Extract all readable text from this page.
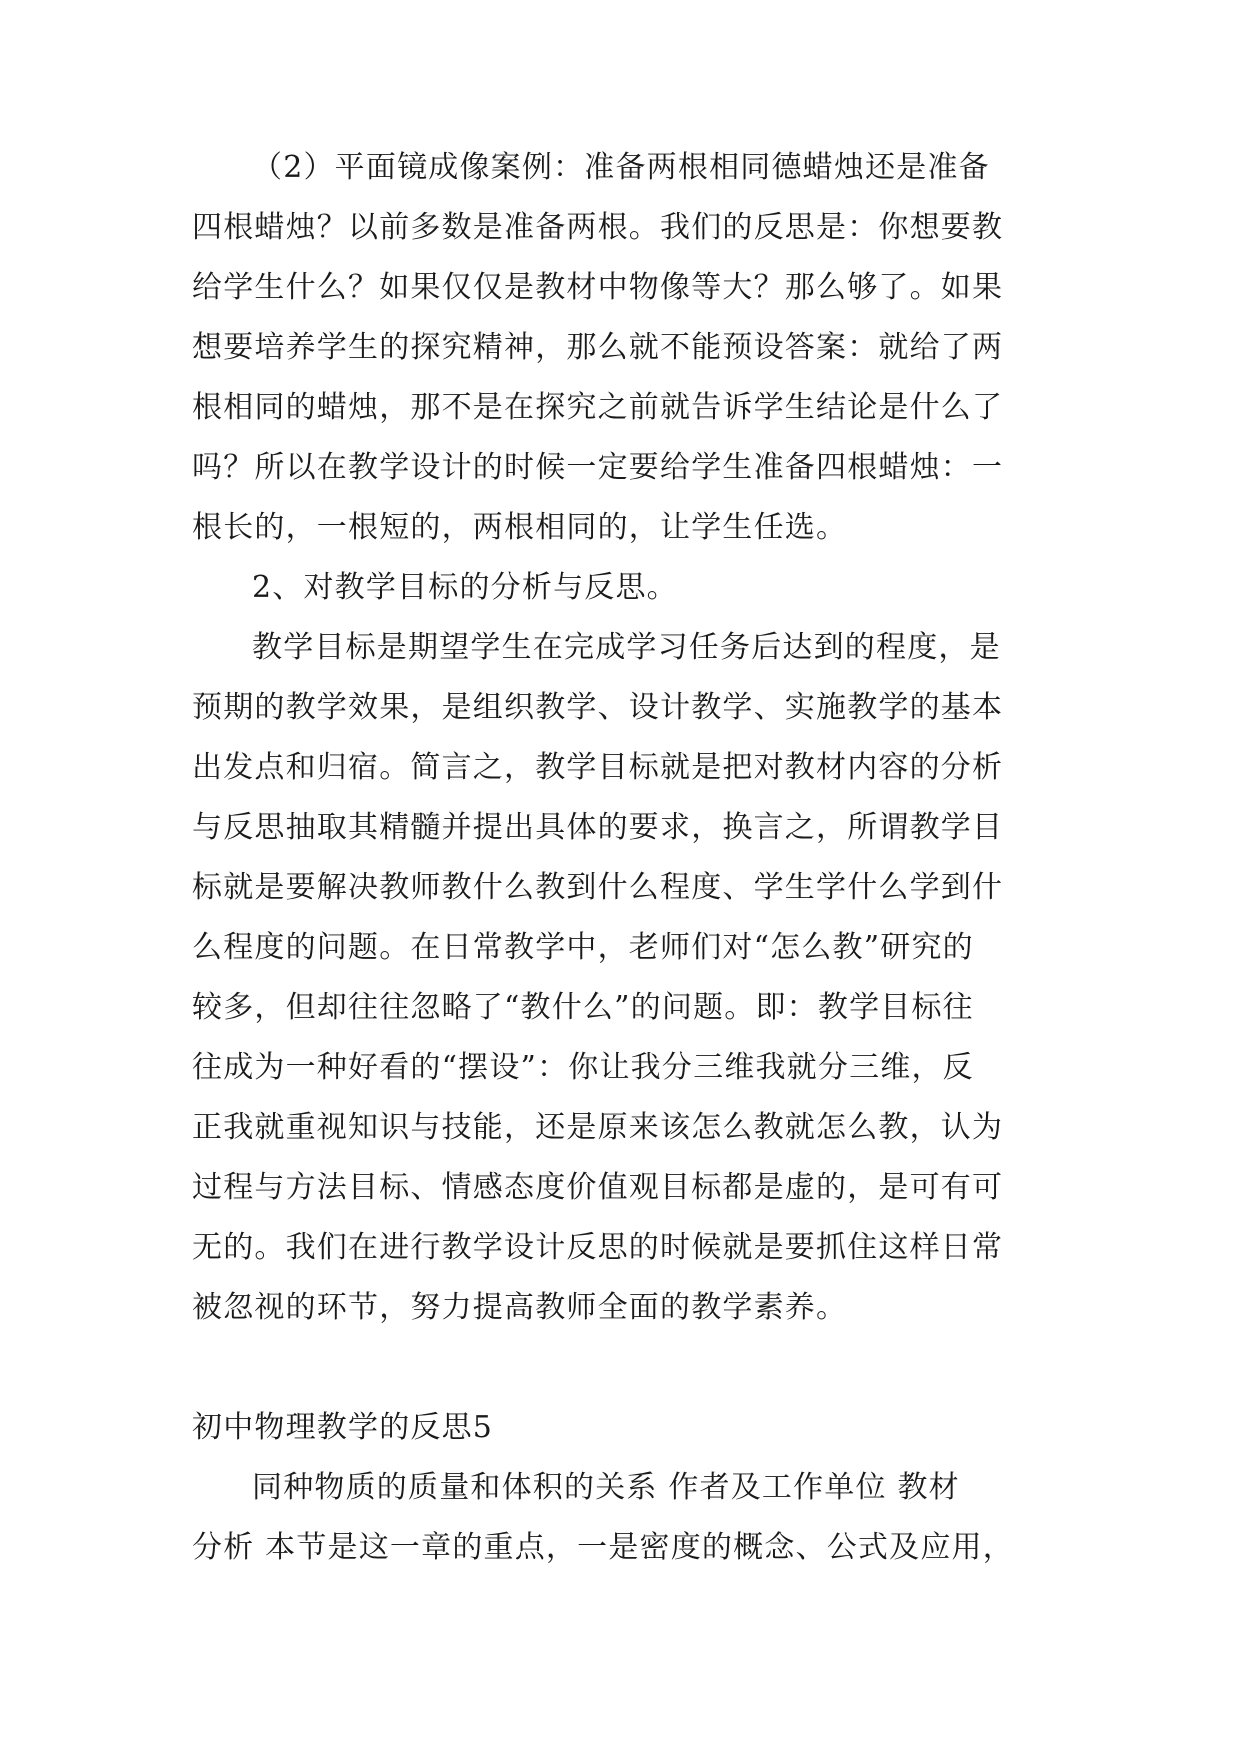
（2）平面镜成像案例：准备两根相同德蜡烛还是准备
四根蜡烛？以前多数是准备两根。我们的反思是：你想要教
给学生什么？如果仅仅是教材中物像等大？那么够了。如果
想要培养学生的探究精神，那么就不能预设答案：就给了两
根相同的蜡烛，那不是在探究之前就告诉学生结论是什么了
吗？所以在教学设计的时候一定要给学生准备四根蜡烛：一
根长的，一根短的，两根相同的，让学生任选。
2、对教学目标的分析与反思。
教学目标是期望学生在完成学习任务后达到的程度，是
预期的教学效果，是组织教学、设计教学、实施教学的基本
出发点和归宿。简言之，教学目标就是把对教材内容的分析
与反思抽取其精髓并提出具体的要求，换言之，所谓教学目
标就是要解决教师教什么教到什么程度、学生学什么学到什
么程度的问题。在日常教学中，老师们对“怎么教”研究的
较多，但却往往忽略了“教什么”的问题。即：教学目标往
往成为一种好看的“摆设”：你让我分三维我就分三维，反
正我就重视知识与技能，还是原来该怎么教就怎么教，认为
过程与方法目标、情感态度价值观目标都是虚的，是可有可
无的。我们在进行教学设计反思的时候就是要抓住这样日常
被忽视的环节，努力提高教师全面的教学素养。
初中物理教学的反思5
同种物质的质量和体积的关系 作者及工作单位 教材
分析 本节是这一章的重点，一是密度的概念、公式及应用，
